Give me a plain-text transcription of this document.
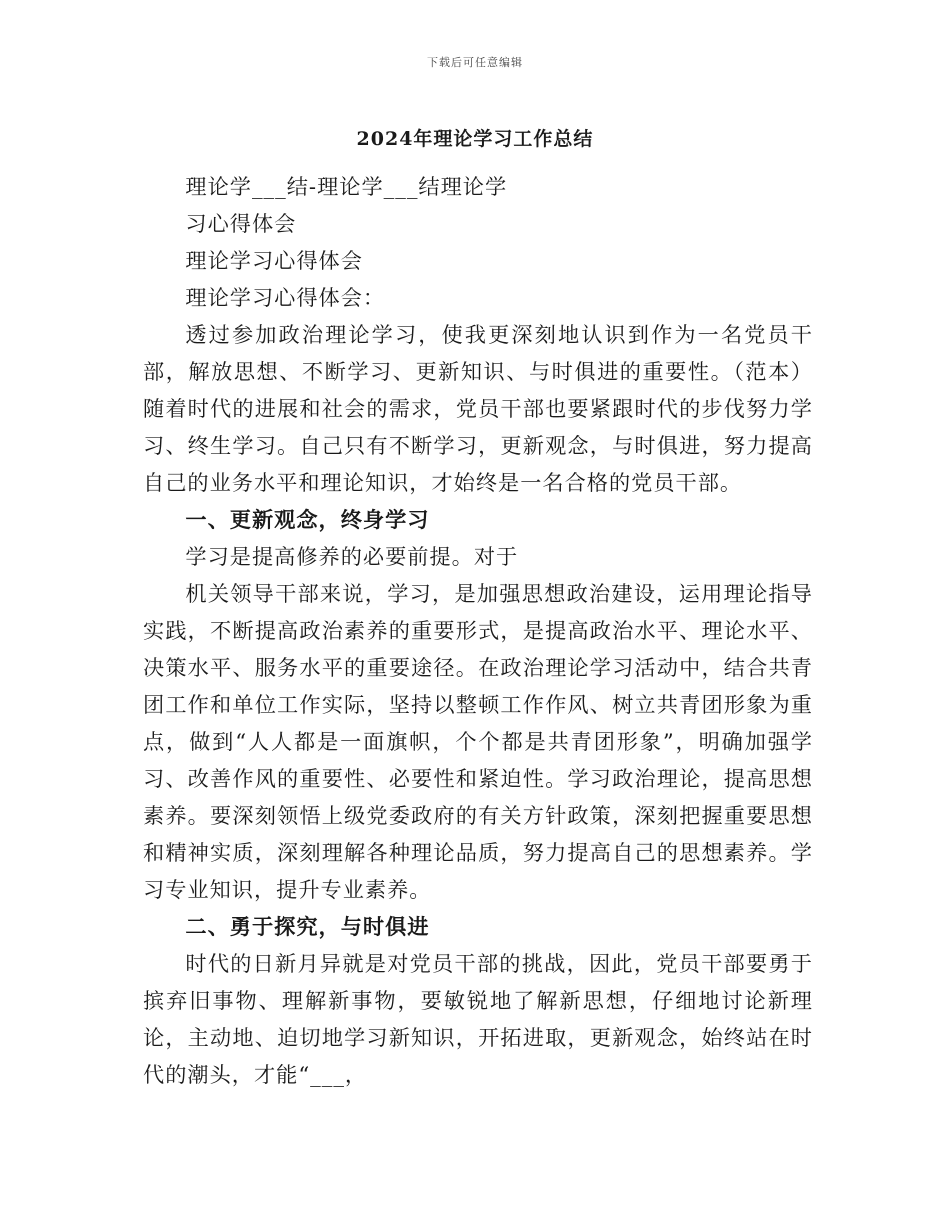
下载后可任意编辑
2024年理论学习工作总结

理论学___结-理论学___结理论学

习心得体会

理论学习心得体会

理论学习心得体会：

透过参加政治理论学习，使我更深刻地认识到作为一名党员干部，解放思想、不断学习、更新知识、与时俱进的重要性。（范本）随着时代的进展和社会的需求，党员干部也要紧跟时代的步伐努力学习、终生学习。自己只有不断学习，更新观念，与时俱进，努力提高自己的业务水平和理论知识，才始终是一名合格的党员干部。

一、更新观念，终身学习

学习是提高修养的必要前提。对于

机关领导干部来说，学习，是加强思想政治建设，运用理论指导实践，不断提高政治素养的重要形式，是提高政治水平、理论水平、决策水平、服务水平的重要途径。在政治理论学习活动中，结合共青团工作和单位工作实际，坚持以整顿工作作风、树立共青团形象为重点，做到“人人都是一面旗帜，个个都是共青团形象”，明确加强学习、改善作风的重要性、必要性和紧迫性。学习政治理论，提高思想素养。要深刻领悟上级党委政府的有关方针政策，深刻把握重要思想和精神实质，深刻理解各种理论品质，努力提高自己的思想素养。学习专业知识，提升专业素养。

二、勇于探究，与时俱进

时代的日新月异就是对党员干部的挑战，因此，党员干部要勇于摈弃旧事物、理解新事物，要敏锐地了解新思想，仔细地讨论新理论，主动地、迫切地学习新知识，开拓进取，更新观念，始终站在时代的潮头，才能“___，
